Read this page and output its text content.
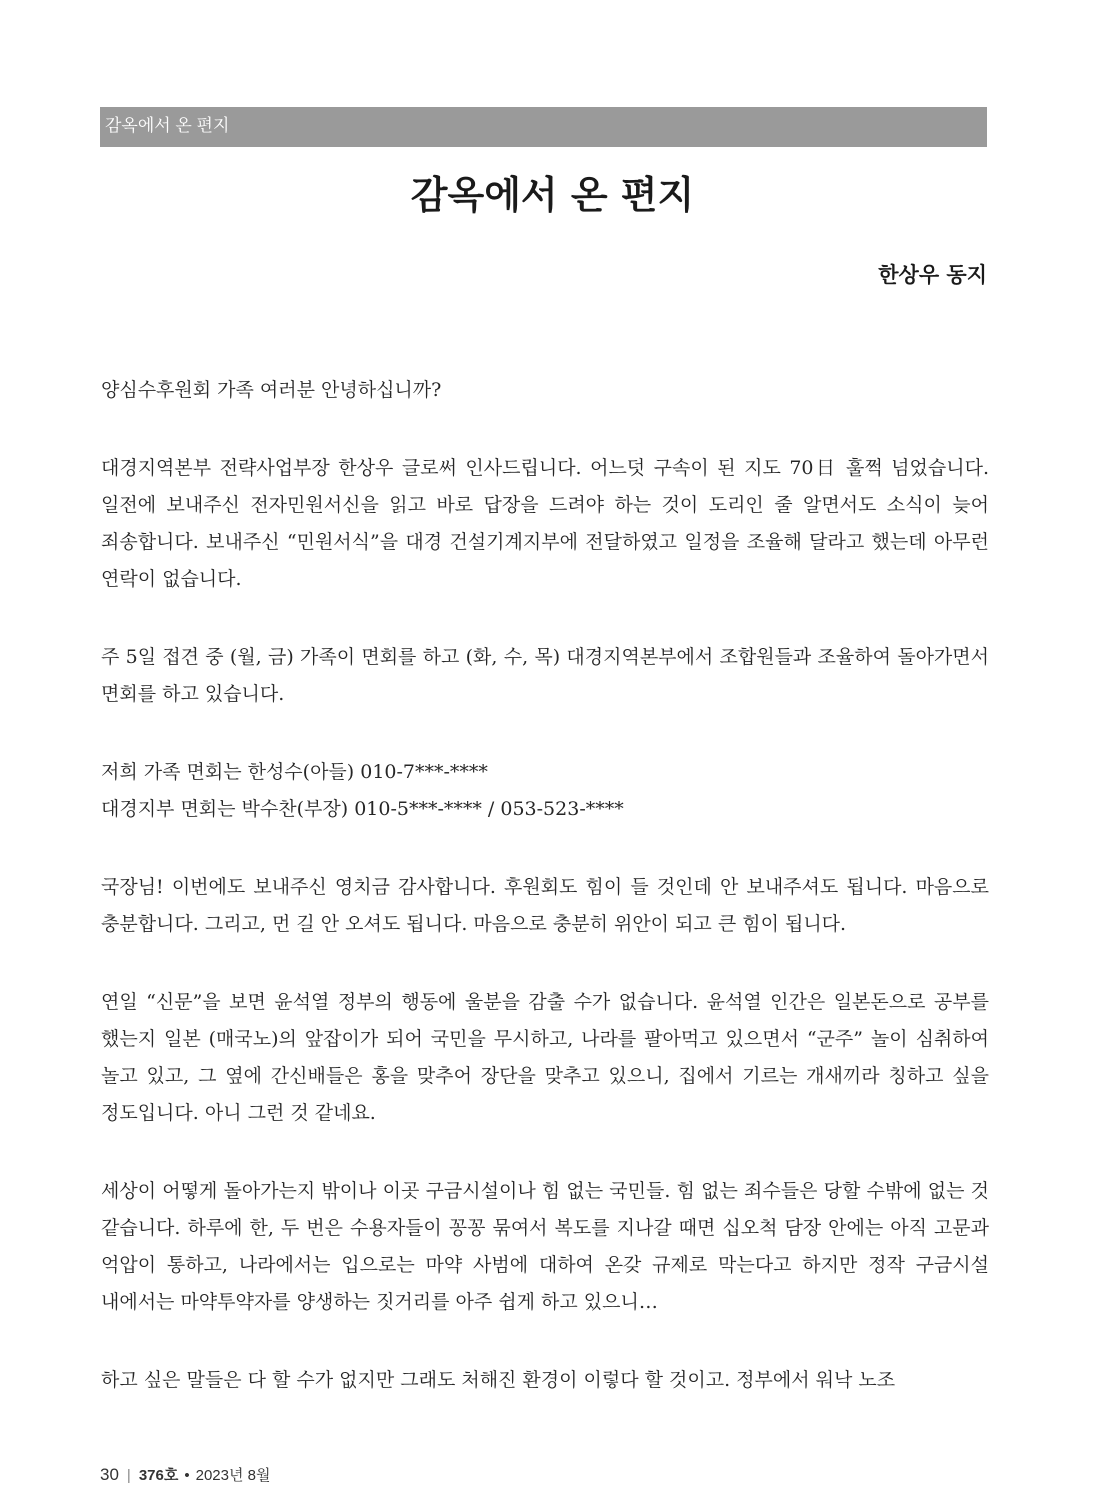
감옥에서 온 편지
감옥에서 온 편지

한상우 동지

양심수후원회 가족 여러분 안녕하십니까?

대경지역본부 전략사업부장 한상우 글로써 인사드립니다. 어느덧 구속이 된 지도 70日 훌쩍 넘었습니다. 일전에 보내주신 전자민원서신을 읽고 바로 답장을 드려야 하는 것이 도리인 줄 알면서도 소식이 늦어 죄송합니다. 보내주신 “민원서식”을 대경 건설기계지부에 전달하였고 일정을 조율해 달라고 했는데 아무런 연락이 없습니다.

주 5일 접견 중 (월, 금) 가족이 면회를 하고 (화, 수, 목) 대경지역본부에서 조합원들과 조율하여 돌아가면서 면회를 하고 있습니다.

저희 가족 면회는 한성수(아들) 010-7***-****

대경지부 면회는 박수찬(부장) 010-5***-**** / 053-523-****

국장님! 이번에도 보내주신 영치금 감사합니다. 후원회도 힘이 들 것인데 안 보내주셔도 됩니다. 마음으로 충분합니다. 그리고, 먼 길 안 오셔도 됩니다. 마음으로 충분히 위안이 되고 큰 힘이 됩니다.

연일 “신문”을 보면 윤석열 정부의 행동에 울분을 감출 수가 없습니다. 윤석열 인간은 일본돈으로 공부를 했는지 일본 (매국노)의 앞잡이가 되어 국민을 무시하고, 나라를 팔아먹고 있으면서 “군주” 놀이 심취하여 놀고 있고, 그 옆에 간신배들은 홍을 맞추어 장단을 맞추고 있으니, 집에서 기르는 개새끼라 칭하고 싶을 정도입니다. 아니 그런 것 같네요.

세상이 어떻게 돌아가는지 밖이나 이곳 구금시설이나 힘 없는 국민들. 힘 없는 죄수들은 당할 수밖에 없는 것 같습니다. 하루에 한, 두 번은 수용자들이 꽁꽁 묶여서 복도를 지나갈 때면 십오척 담장 안에는 아직 고문과 억압이 통하고, 나라에서는 입으로는 마약 사범에 대하여 온갖 규제로 막는다고 하지만 정작 구금시설 내에서는 마약투약자를 양생하는 짓거리를 아주 쉽게 하고 있으니…

하고 싶은 말들은 다 할 수가 없지만 그래도 처해진 환경이 이렇다 할 것이고. 정부에서 워낙 노조

30 | 376호 • 2023년 8월
